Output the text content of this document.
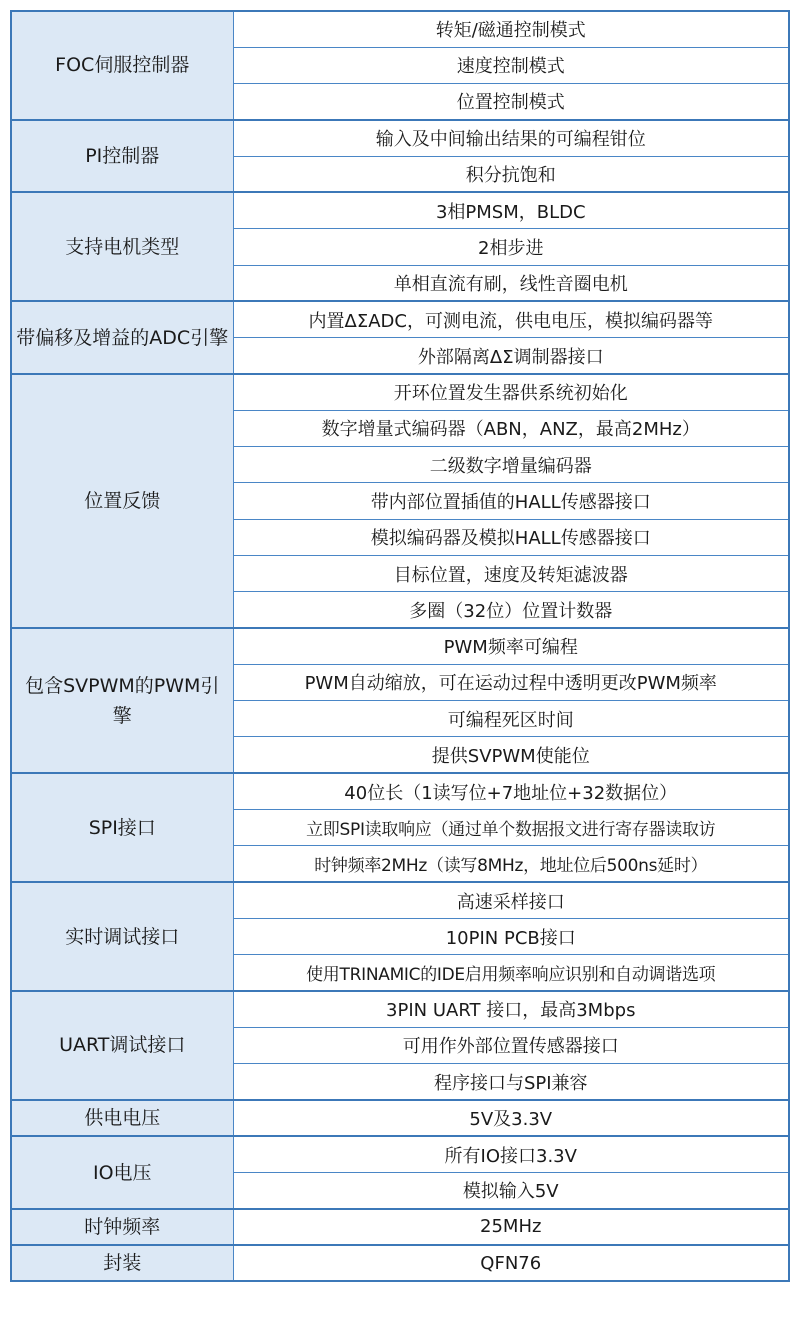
FOC伺服控制器	转矩/磁通控制模式
	速度控制模式
	位置控制模式
PI控制器	输入及中间输出结果的可编程钳位
	积分抗饱和
支持电机类型	3相PMSM，BLDC
	2相步进
	单相直流有刷，线性音圈电机
带偏移及增益的ADC引擎	内置ΔΣADC，可测电流，供电电压，模拟编码器等
	外部隔离ΔΣ调制器接口
位置反馈	开环位置发生器供系统初始化
	数字增量式编码器（ABN，ANZ，最高2MHz）
	二级数字增量编码器
	带内部位置插值的HALL传感器接口
	模拟编码器及模拟HALL传感器接口
	目标位置，速度及转矩滤波器
	多圈（32位）位置计数器
包含SVPWM的PWM引擎	PWM频率可编程
	PWM自动缩放，可在运动过程中透明更改PWM频率
	可编程死区时间
	提供SVPWM使能位
SPI接口	40位长（1读写位+7地址位+32数据位）
	立即SPI读取响应（通过单个数据报文进行寄存器读取访
	时钟频率2MHz（读写8MHz，地址位后500ns延时）
实时调试接口	高速采样接口
	10PIN PCB接口
	使用TRINAMIC的IDE启用频率响应识别和自动调谐选项
UART调试接口	3PIN UART 接口，最高3Mbps
	可用作外部位置传感器接口
	程序接口与SPI兼容
供电电压	5V及3.3V
IO电压	所有IO接口3.3V
	模拟输入5V
时钟频率	25MHz
封装	QFN76
